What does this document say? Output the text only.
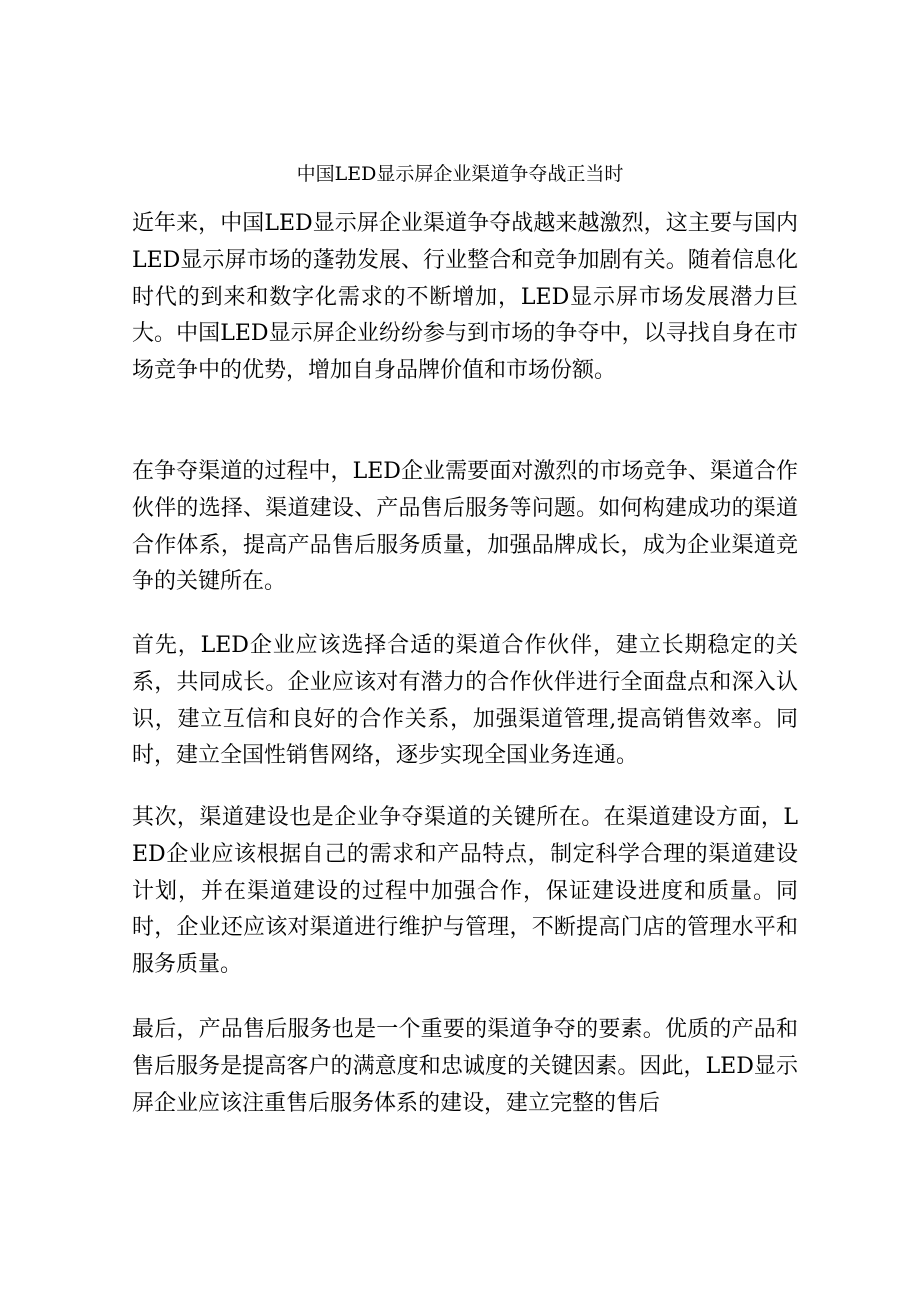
中国LED显示屏企业渠道争夺战正当时

近年来，中国LED显示屏企业渠道争夺战越来越激烈，这主要与国内LED显示屏市场的蓬勃发展、行业整合和竞争加剧有关。随着信息化时代的到来和数字化需求的不断增加，LED显示屏市场发展潜力巨大。中国LED显示屏企业纷纷参与到市场的争夺中，以寻找自身在市场竞争中的优势，增加自身品牌价值和市场份额。

在争夺渠道的过程中，LED企业需要面对激烈的市场竞争、渠道合作伙伴的选择、渠道建设、产品售后服务等问题。如何构建成功的渠道合作体系，提高产品售后服务质量，加强品牌成长，成为企业渠道竞争的关键所在。

首先，LED企业应该选择合适的渠道合作伙伴，建立长期稳定的关系，共同成长。企业应该对有潜力的合作伙伴进行全面盘点和深入认识，建立互信和良好的合作关系，加强渠道管理,提高销售效率。同时，建立全国性销售网络，逐步实现全国业务连通。

其次，渠道建设也是企业争夺渠道的关键所在。在渠道建设方面，LED企业应该根据自己的需求和产品特点，制定科学合理的渠道建设计划，并在渠道建设的过程中加强合作，保证建设进度和质量。同时，企业还应该对渠道进行维护与管理，不断提高门店的管理水平和服务质量。

最后，产品售后服务也是一个重要的渠道争夺的要素。优质的产品和售后服务是提高客户的满意度和忠诚度的关键因素。因此，LED显示屏企业应该注重售后服务体系的建设，建立完整的售后
